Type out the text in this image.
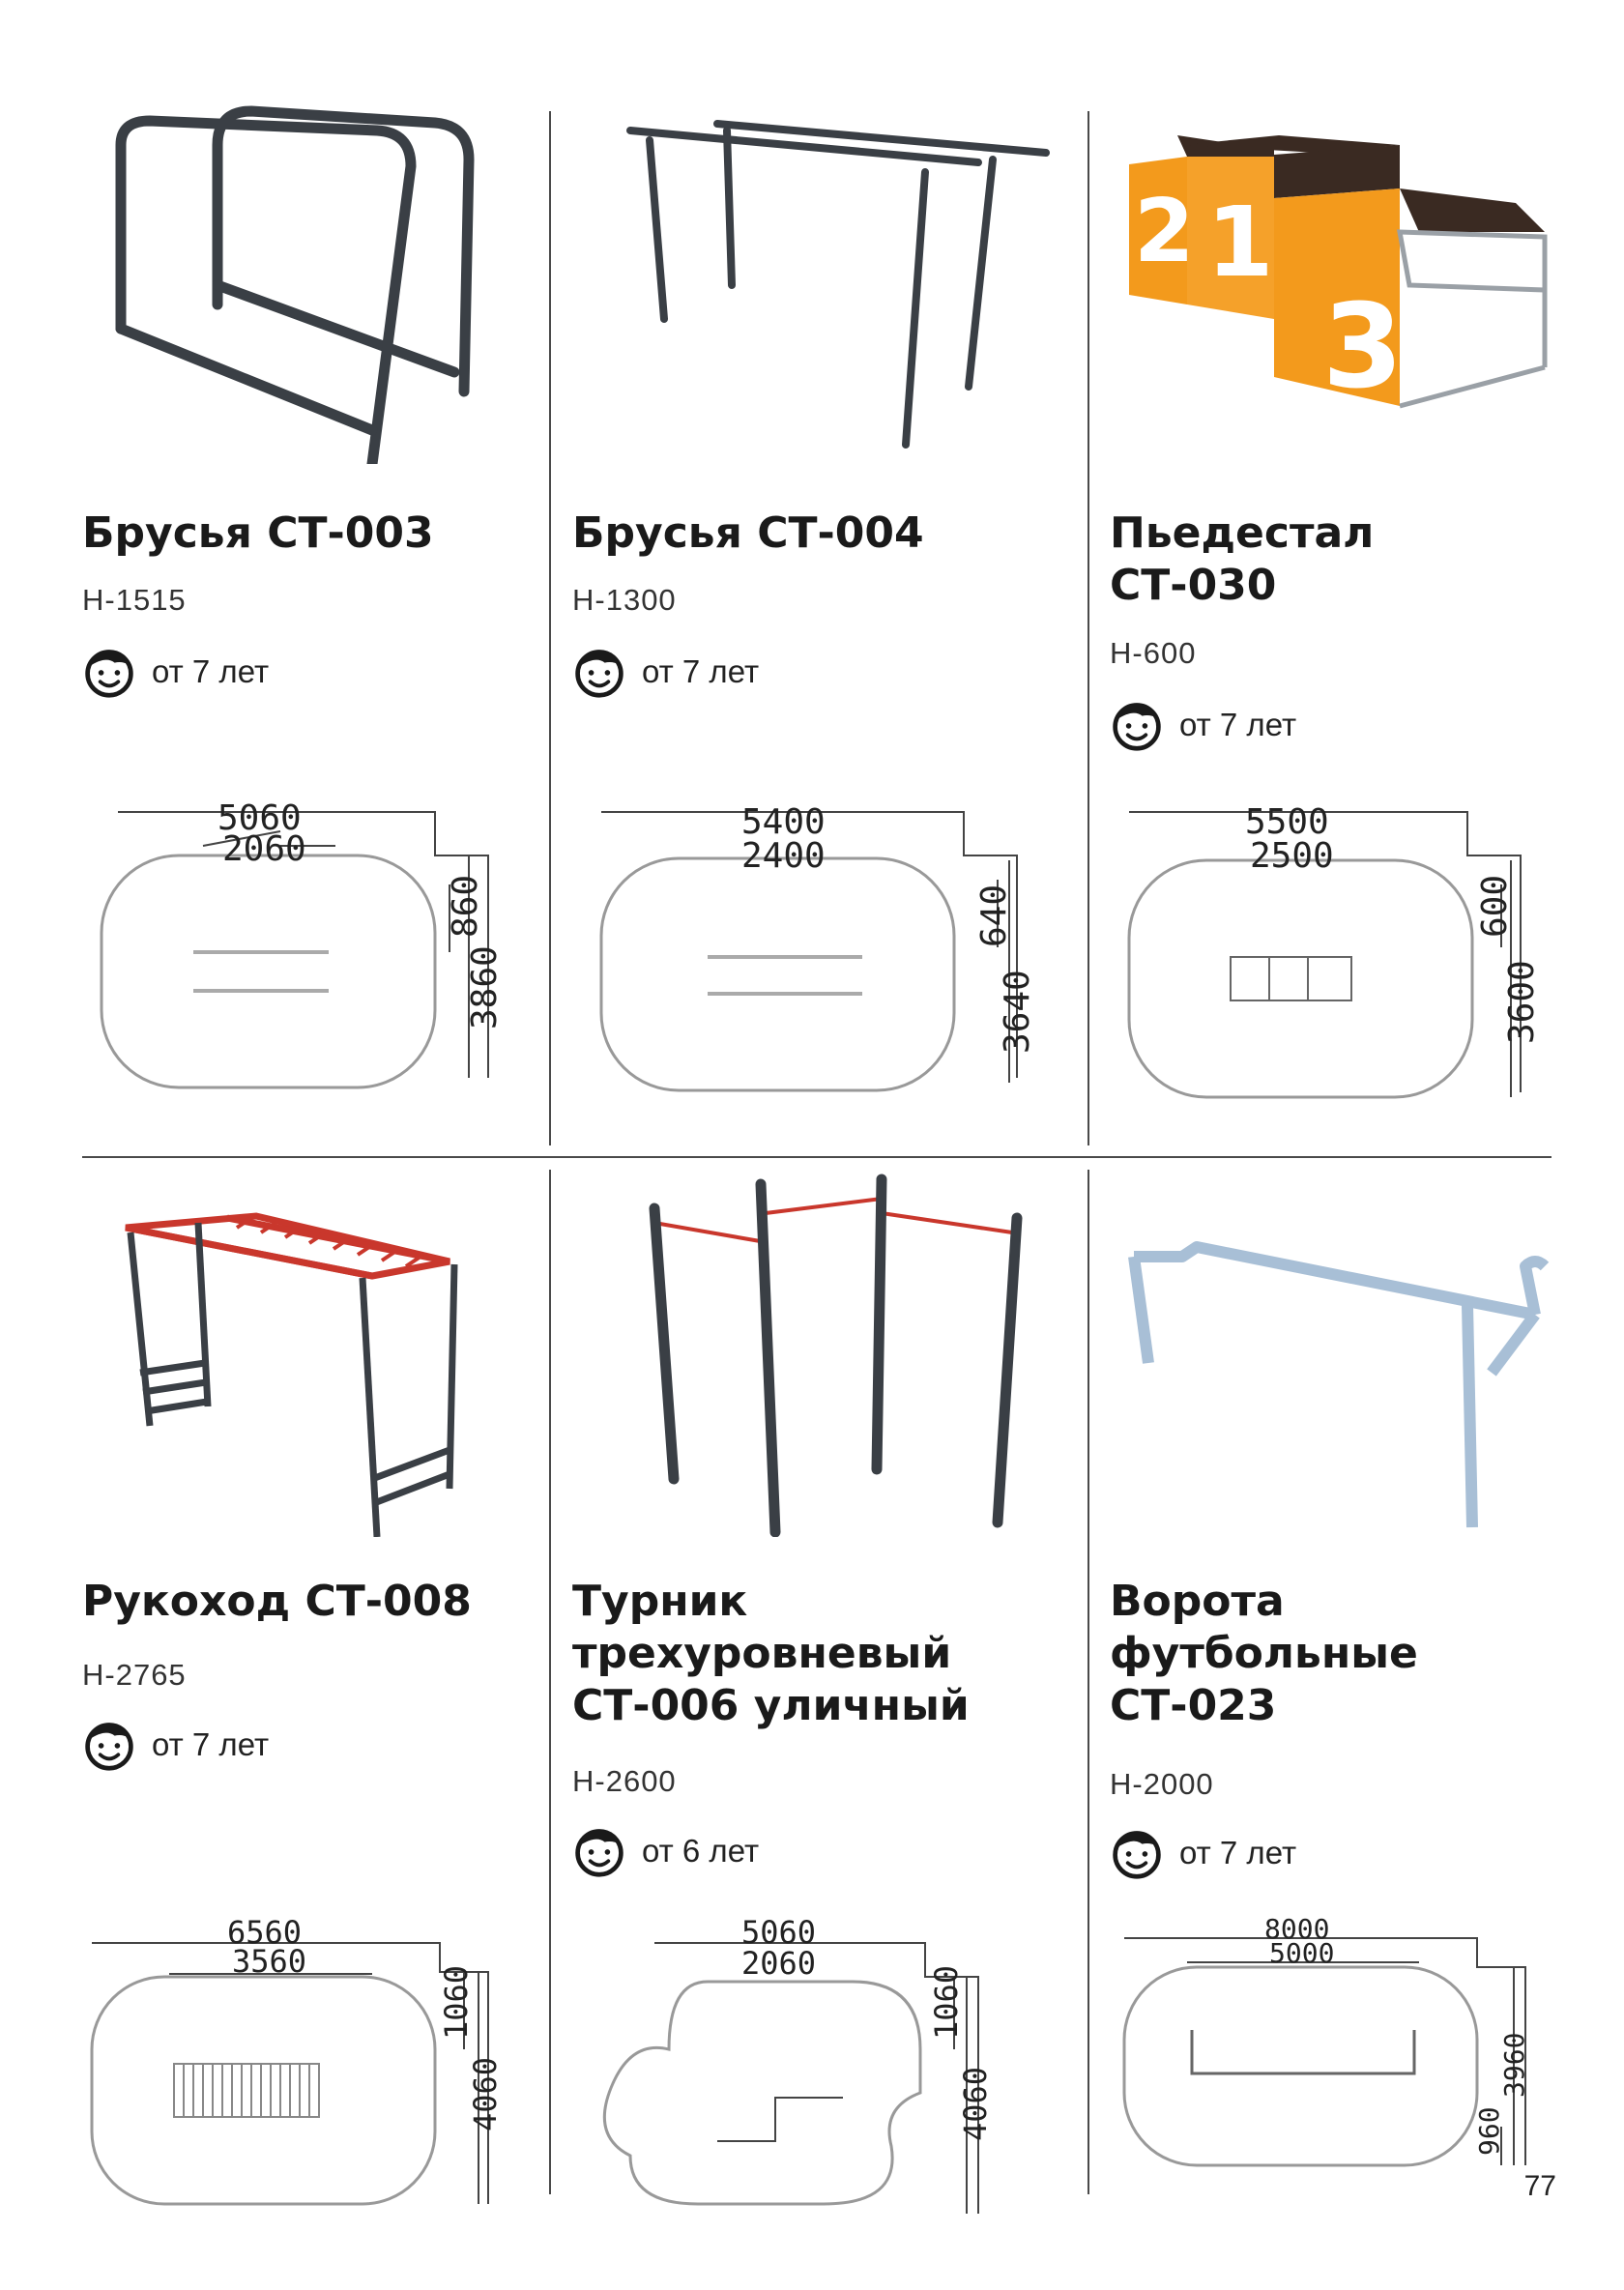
Брусья СТ-003
Н-1515
от 7 лет
5060
2060
860
3860
Брусья СТ-004
Н-1300
от 7 лет
5400
2400
640
3640
2 1
3
Пьедестал
СТ-030
Н-600
от 7 лет
5500
2500
600
3600
Рукоход СТ-008
Н-2765
от 7 лет
6560
3560
1060
4060
Турник
трехуровневый
СТ-006 уличный
Н-2600
от 6 лет
5060
2060
1060
4060
Ворота
футбольные
СТ-023
Н-2000
от 7 лет
8000
5000
960
3960
77
